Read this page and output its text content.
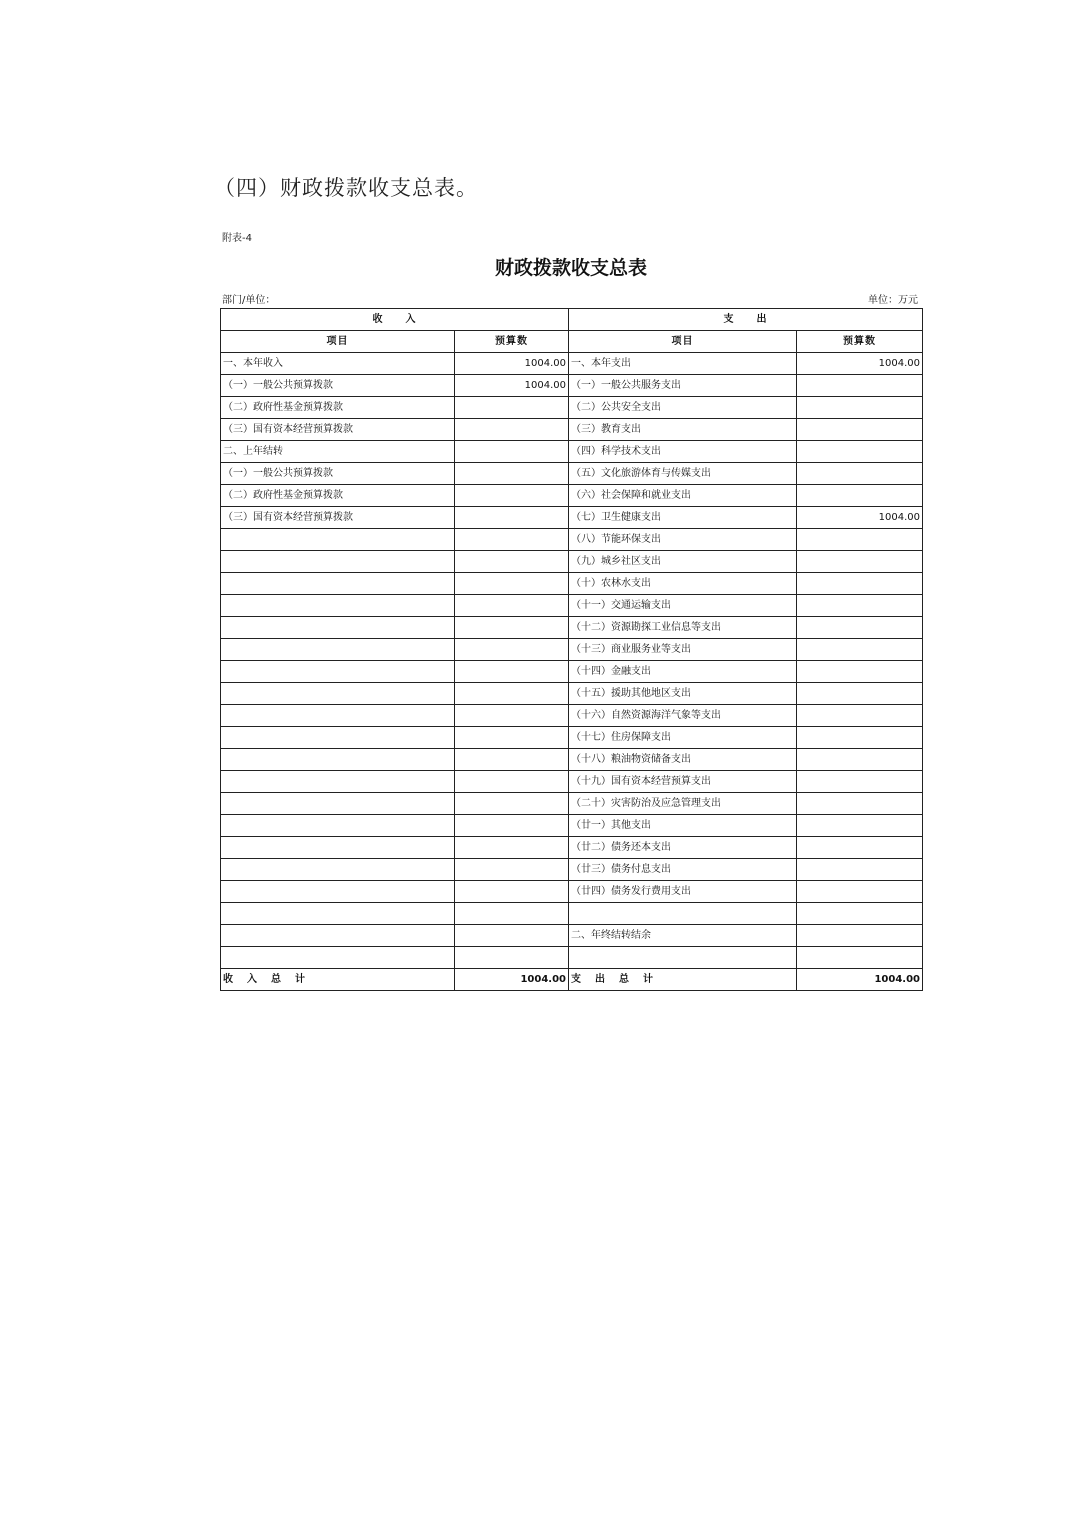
（四）财政拨款收支总表。
附表-4
财政拨款收支总表
部门/单位：	单位：万元
收　　入		支　　出	
项目	预算数	项目	预算数
一、本年收入	1004.00	一、本年支出	1004.00
（一）一般公共预算拨款	1004.00	（一）一般公共服务支出	
（二）政府性基金预算拨款		（二）公共安全支出	
（三）国有资本经营预算拨款		（三）教育支出	
二、上年结转		（四）科学技术支出	
（一）一般公共预算拨款		（五）文化旅游体育与传媒支出	
（二）政府性基金预算拨款		（六）社会保障和就业支出	
（三）国有资本经营预算拨款		（七）卫生健康支出	1004.00
		（八）节能环保支出	
		（九）城乡社区支出	
		（十）农林水支出	
		（十一）交通运输支出	
		（十二）资源勘探工业信息等支出	
		（十三）商业服务业等支出	
		（十四）金融支出	
		（十五）援助其他地区支出	
		（十六）自然资源海洋气象等支出	
		（十七）住房保障支出	
		（十八）粮油物资储备支出	
		（十九）国有资本经营预算支出	
		（二十）灾害防治及应急管理支出	
		（廿一）其他支出	
		（廿二）债务还本支出	
		（廿三）债务付息支出	
		（廿四）债务发行费用支出	

		二、年终结转结余	

收入总计	1004.00	支出总计	1004.00
